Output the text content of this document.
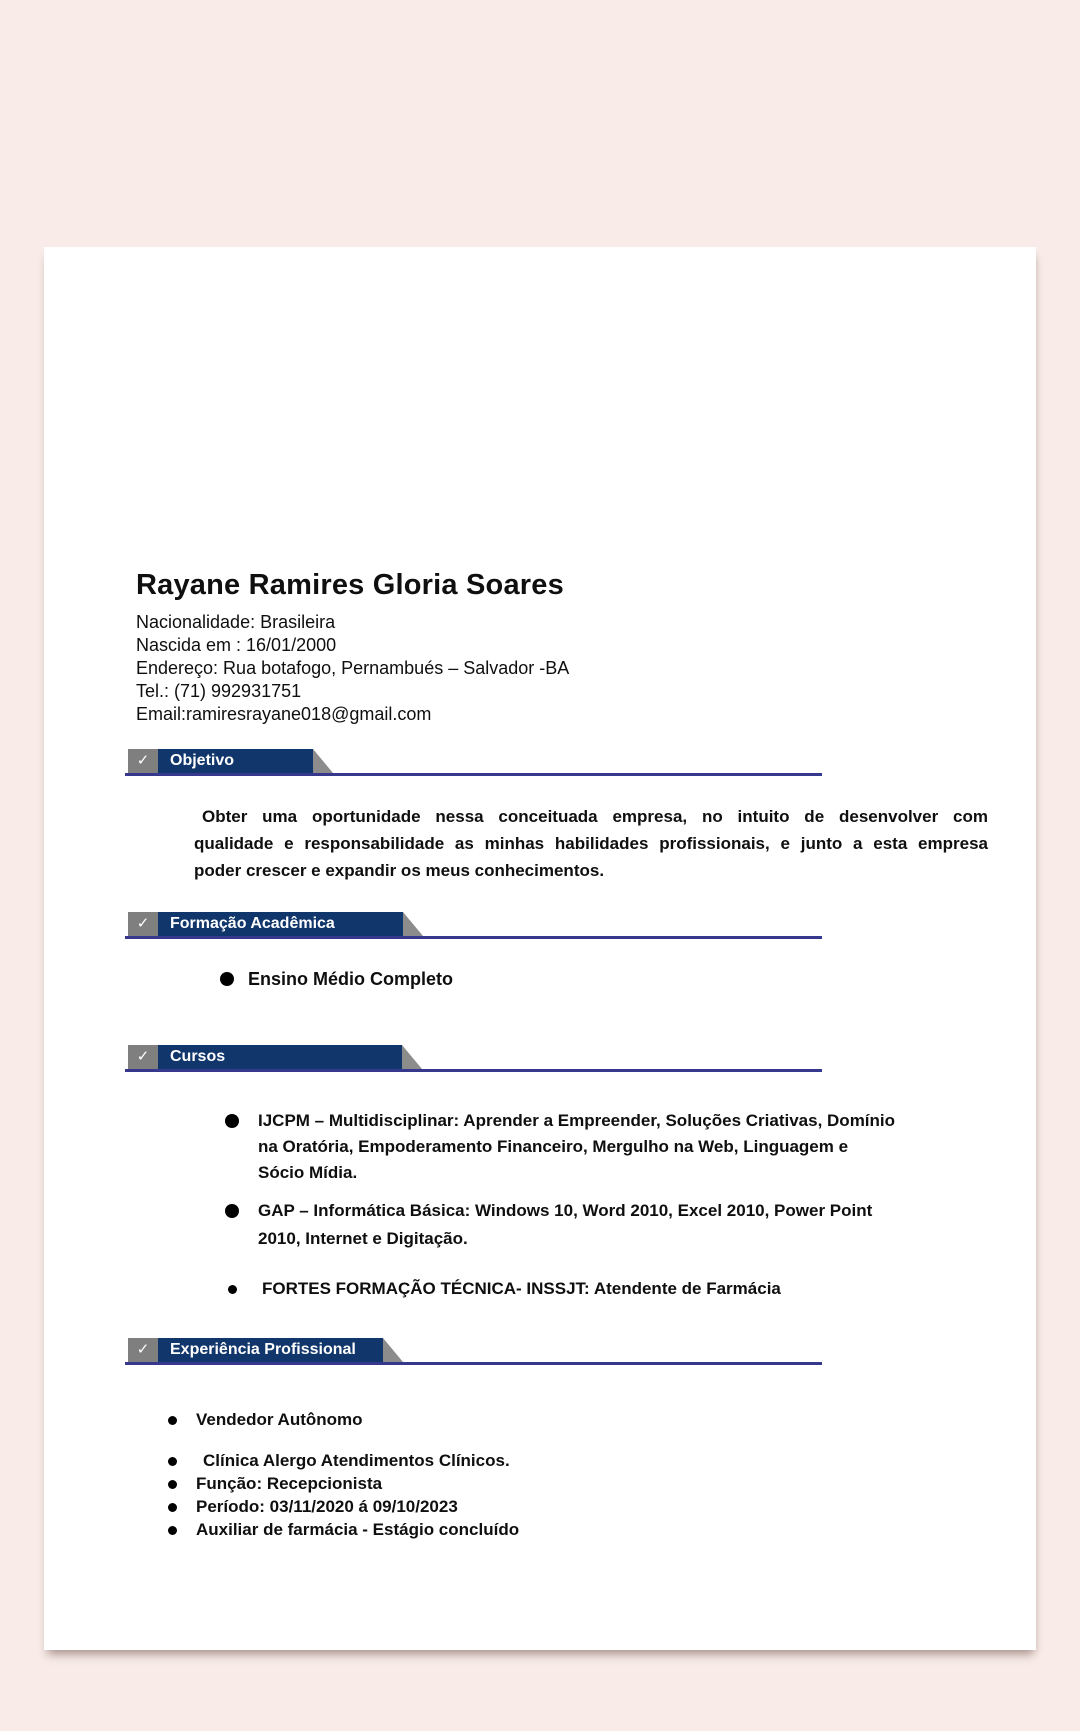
Rayane Ramires Gloria Soares
Nacionalidade: Brasileira
Nascida em : 16/01/2000
Endereço: Rua botafogo, Pernambués – Salvador -BA
Tel.: (71) 992931751
Email:ramiresrayane018@gmail.com
✓	Objetivo
Obter uma oportunidade nessa conceituada empresa, no intuito de desenvolver com
qualidade e responsabilidade as minhas habilidades profissionais, e junto a esta empresa
poder crescer e expandir os meus conhecimentos.
✓	Formação Acadêmica
Ensino Médio Completo
✓	Cursos
IJCPM – Multidisciplinar: Aprender a Empreender, Soluções Criativas, Domínio
na Oratória, Empoderamento Financeiro, Mergulho na Web, Linguagem e
Sócio Mídia.
GAP – Informática Básica: Windows 10, Word 2010, Excel 2010, Power Point
2010, Internet e Digitação.
FORTES FORMAÇÃO TÉCNICA- INSSJT: Atendente de Farmácia
✓	Experiência Profissional
Vendedor Autônomo
Clínica Alergo Atendimentos Clínicos.
Função: Recepcionista
Período: 03/11/2020 á 09/10/2023
Auxiliar de farmácia - Estágio concluído
